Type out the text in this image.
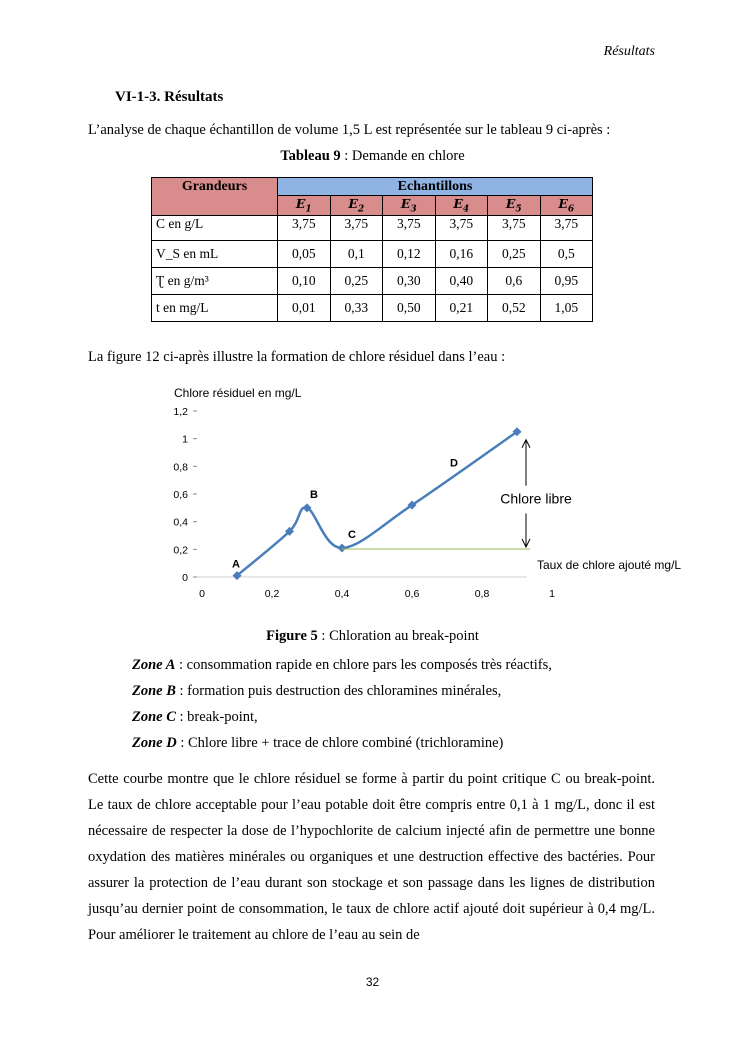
Résultats
VI-1-3. Résultats
L’analyse de chaque échantillon de volume 1,5 L est représentée sur le tableau 9 ci-après :
Tableau 9 : Demande en chlore
Grandeurs	Echantillons					
	$E_1$	$E_2$	$E_3$	$E_4$	$E_5$	$E_6$
C en g/L	3,75	3,75	3,75	3,75	3,75	3,75
V_S en mL	0,05	0,1	0,12	0,16	0,25	0,5
Ʈ en g/m³	0,10	0,25	0,30	0,40	0,6	0,95
t en mg/L	0,01	0,33	0,50	0,21	0,52	1,05
La figure 12 ci-après illustre la formation de chlore résiduel dans l’eau :
Chlore résiduel en mg/L
Taux de chlore ajouté mg/L
0
0,2
0,4
0,6
0,8
1
1,2
0	0,2	0,4	0,6	0,8	1
A
B
C
D
Chlore libre
Figure 5 : Chloration au break-point
Zone A : consommation rapide en chlore pars les composés très réactifs,
Zone B : formation puis destruction des chloramines minérales,
Zone C : break-point,
Zone D : Chlore libre + trace de chlore combiné (trichloramine)
Cette courbe montre que le chlore résiduel se forme à partir du point critique C ou break-point. Le taux de chlore acceptable pour l’eau potable doit être compris entre 0,1 à 1 mg/L, donc il est nécessaire de respecter la dose de l’hypochlorite de calcium injecté afin de permettre une bonne oxydation des matières minérales ou organiques et une destruction effective des bactéries. Pour assurer la protection de l’eau durant son stockage et son passage dans les lignes de distribution jusqu’au dernier point de consommation, le taux de chlore actif ajouté doit supérieur à 0,4 mg/L. Pour améliorer le traitement au chlore de l’eau au sein de
32
